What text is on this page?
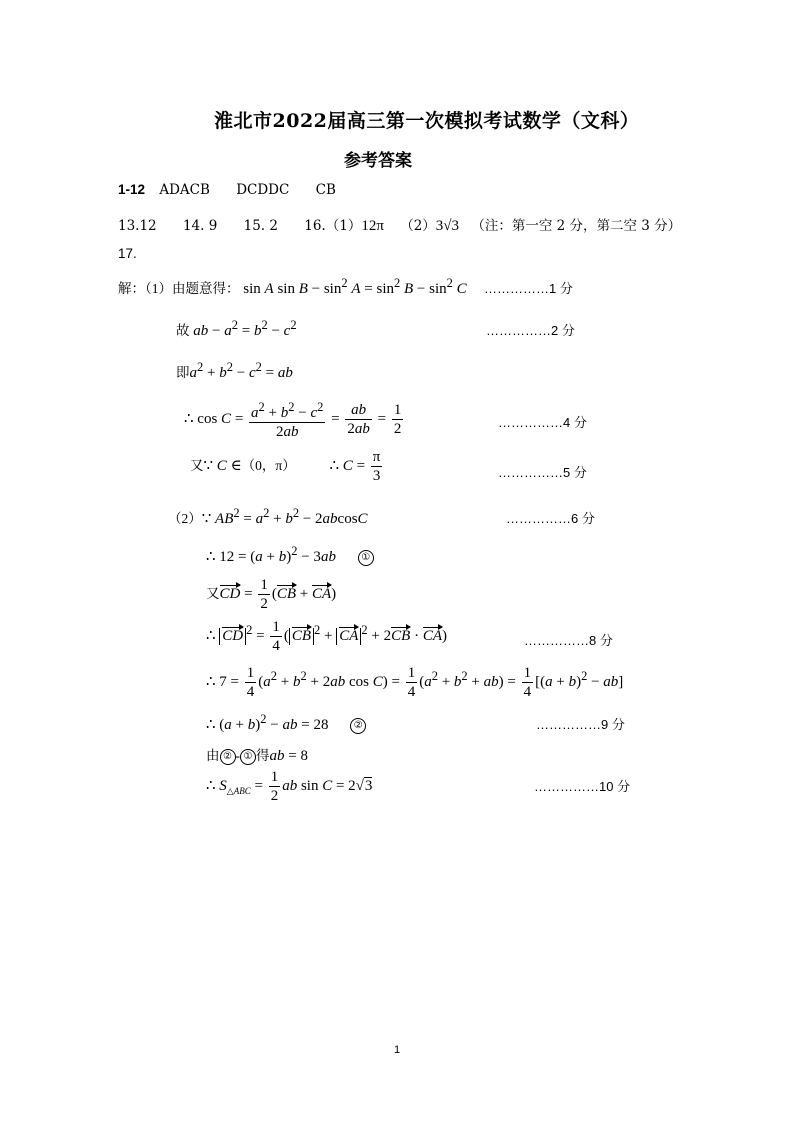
淮北市2022届高三第一次模拟考试数学（文科）
参考答案
1-12 ADACB DCDDC CB
13.12 14. 9 15. 2 16.（1）12π （2）3√3 （注：第一空 2 分，第二空 3 分）
17.
解：（1）由题意得： sin A $\sin B - \sin^2 A = \sin^2 B - \sin^2 C$ ……………1 分
故 ab − $a^2 = b^2 - c^2$	……………2 分
即$a^2 + b^2 - c^2$ = ab
∴ $\cos C = \frac{a^2 + b^2 - c^2}{2ab} = \frac{ab}{2ab} = \frac{1}{2}$	……………4 分
又∵ C ∈（0，π） ∴ $C = \frac{\pi}{3}$	……………5 分
（2）∵ $AB^2 = a^2 + b^2 - 2abcosC$	……………6 分
∴ $12 = (a + b)^2 - 3ab$	①
又CD = $\frac{1}{2} (CB + CA)$
∴ CD $^2 = \frac{1}{4}$ ( CB $^2$ + CA $^2$ + 2CB · CA)	……………8 分
∴ $7 = \frac{1}{4} (a^2 + b^2 + 2ab$ $\cos C) = \frac{1}{4} (a^2 + b^2 + ab) = \frac{1}{4} [(a + b)^2 - ab]$
∴ $(a + b)^2$ − ab = 28 ②	……………9 分
由 ② - ① 得ab = 8
∴ $S_{\triangle ABC} = \frac{1}{2}$ ab sin C = 2√3	……………10 分
1
